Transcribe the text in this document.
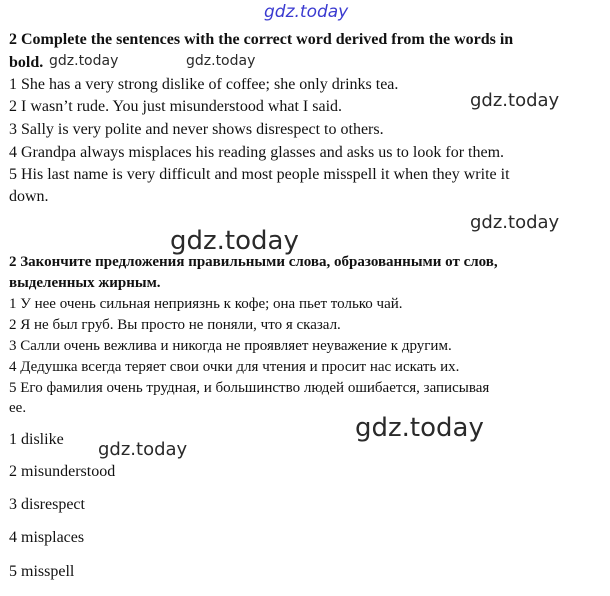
gdz.today
gdz.today	gdz.today
gdz.today
gdz.today
gdz.today
gdz.today
gdz.today
2 Complete the sentences with the correct word derived from the words in
bold.
1 She has a very strong dislike of coffee; she only drinks tea.
2 I wasn’t rude. You just misunderstood what I said.
3 Sally is very polite and never shows disrespect to others.
4 Grandpa always misplaces his reading glasses and asks us to look for them.
5 His last name is very difficult and most people misspell it when they write it
down.
2 Закончите предложения правильными слова, образованными от слов,
выделенных жирным.
1 У нее очень сильная неприязнь к кофе; она пьет только чай.
2 Я не был груб. Вы просто не поняли, что я сказал.
3 Салли очень вежлива и никогда не проявляет неуважение к другим.
4 Дедушка всегда теряет свои очки для чтения и просит нас искать их.
5 Его фамилия очень трудная, и большинство людей ошибается, записывая
ее.
1 dislike
2 misunderstood
3 disrespect
4 misplaces
5 misspell
